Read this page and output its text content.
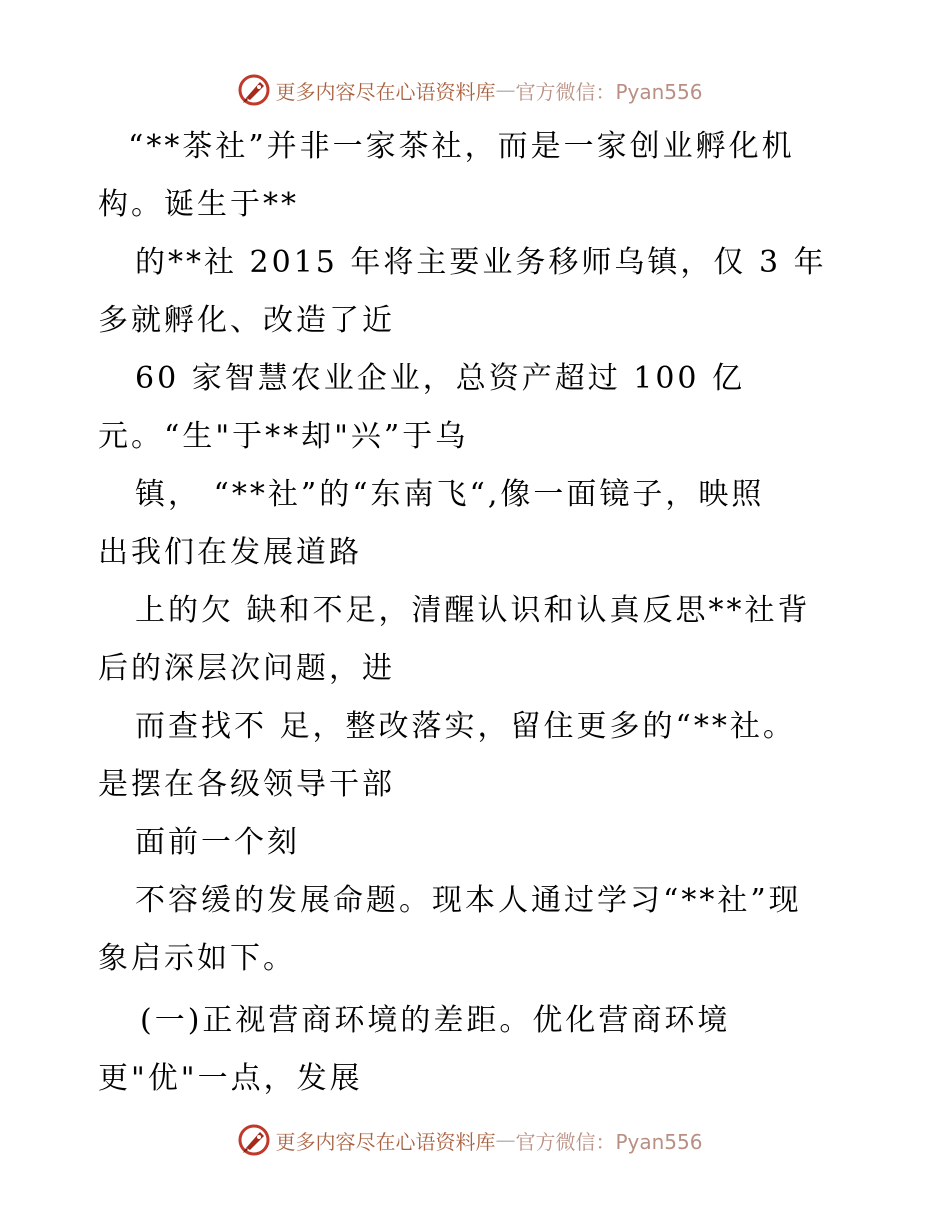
更多内容尽在心语资料库 — 官方微信：Pyan556
“**茶社”并非一家茶社，而是一家创业孵化机
构。诞生于**
的**社 2015 年将主要业务移师乌镇，仅 3 年
多就孵化、改造了近
60 家智慧农业企业，总资产超过 100 亿
元。“生"于**却"兴”于乌
镇， “**社”的“东南飞“,像一面镜子，映照
出我们在发展道路
上的欠 缺和不足，清醒认识和认真反思**社背
后的深层次问题，进
而查找不 足，整改落实，留住更多的“**社。
是摆在各级领导干部
面前一个刻
不容缓的发展命题。现本人通过学习“**社”现
象启示如下。
(一)正视营商环境的差距。优化营商环境
更"优"一点，发展
更多内容尽在心语资料库 — 官方微信：Pyan556
